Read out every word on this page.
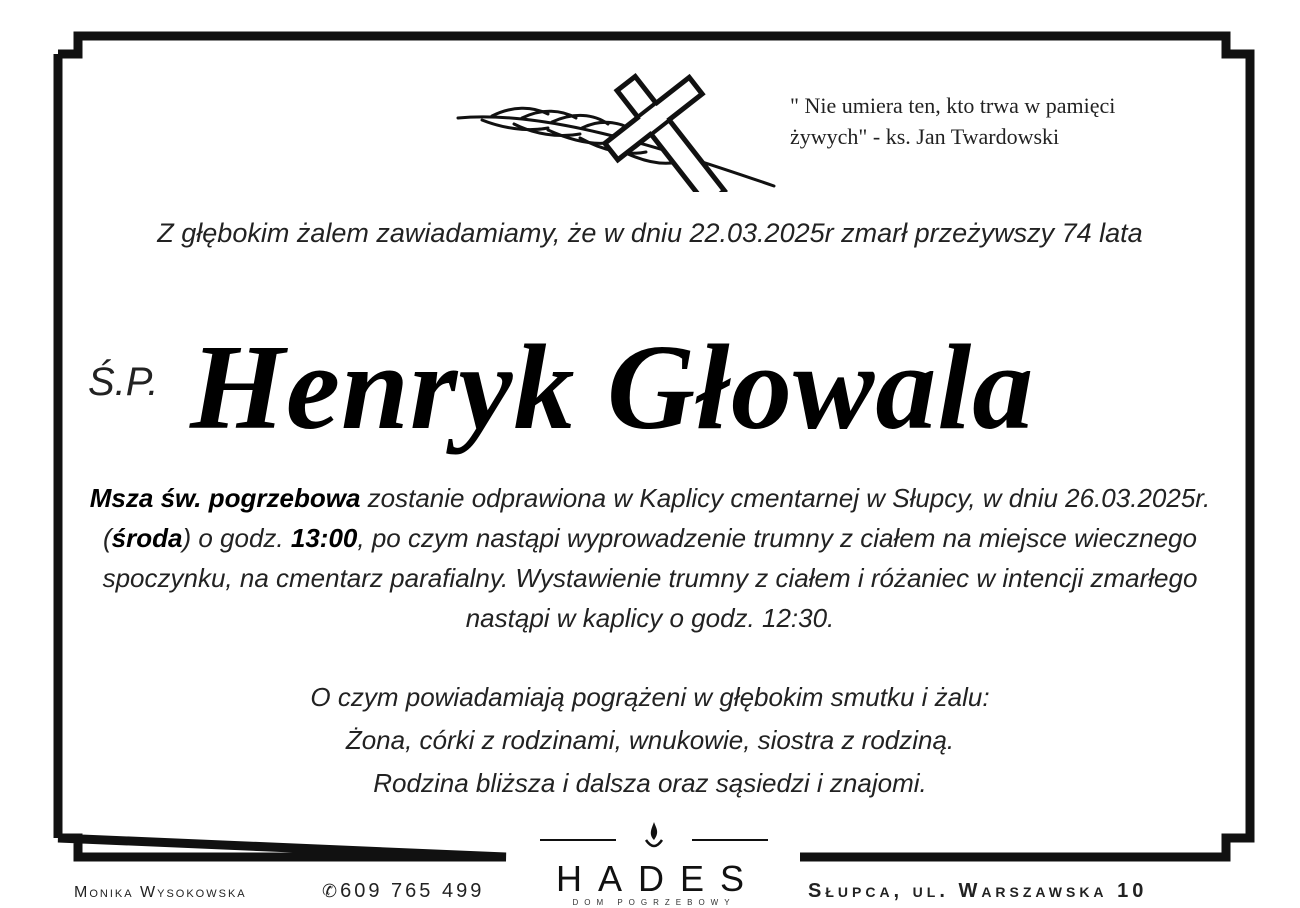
" Nie umiera ten, kto trwa w pamięci
żywych" - ks. Jan Twardowski
Z głębokim żalem zawiadamiamy, że w dniu 22.03.2025r zmarł przeżywszy 74 lata
Ś.P. Henryk Głowala
Msza św. pogrzebowa zostanie odprawiona w Kaplicy cmentarnej w Słupcy, w dniu 26.03.2025r. (środa) o godz. 13:00, po czym nastąpi wyprowadzenie trumny z ciałem na miejsce wiecznego spoczynku, na cmentarz parafialny. Wystawienie trumny z ciałem i różaniec w intencji zmarłego nastąpi w kaplicy o godz. 12:30.
O czym powiadamiają pogrążeni w głębokim smutku i żalu:
Żona, córki z rodzinami, wnukowie, siostra z rodziną.
Rodzina bliższa i dalsza oraz sąsiedzi i znajomi.
Monika Wysokowska	✆609 765 499	HADES
DOM POGRZEBOWY
Słupca, ul. Warszawska 10
